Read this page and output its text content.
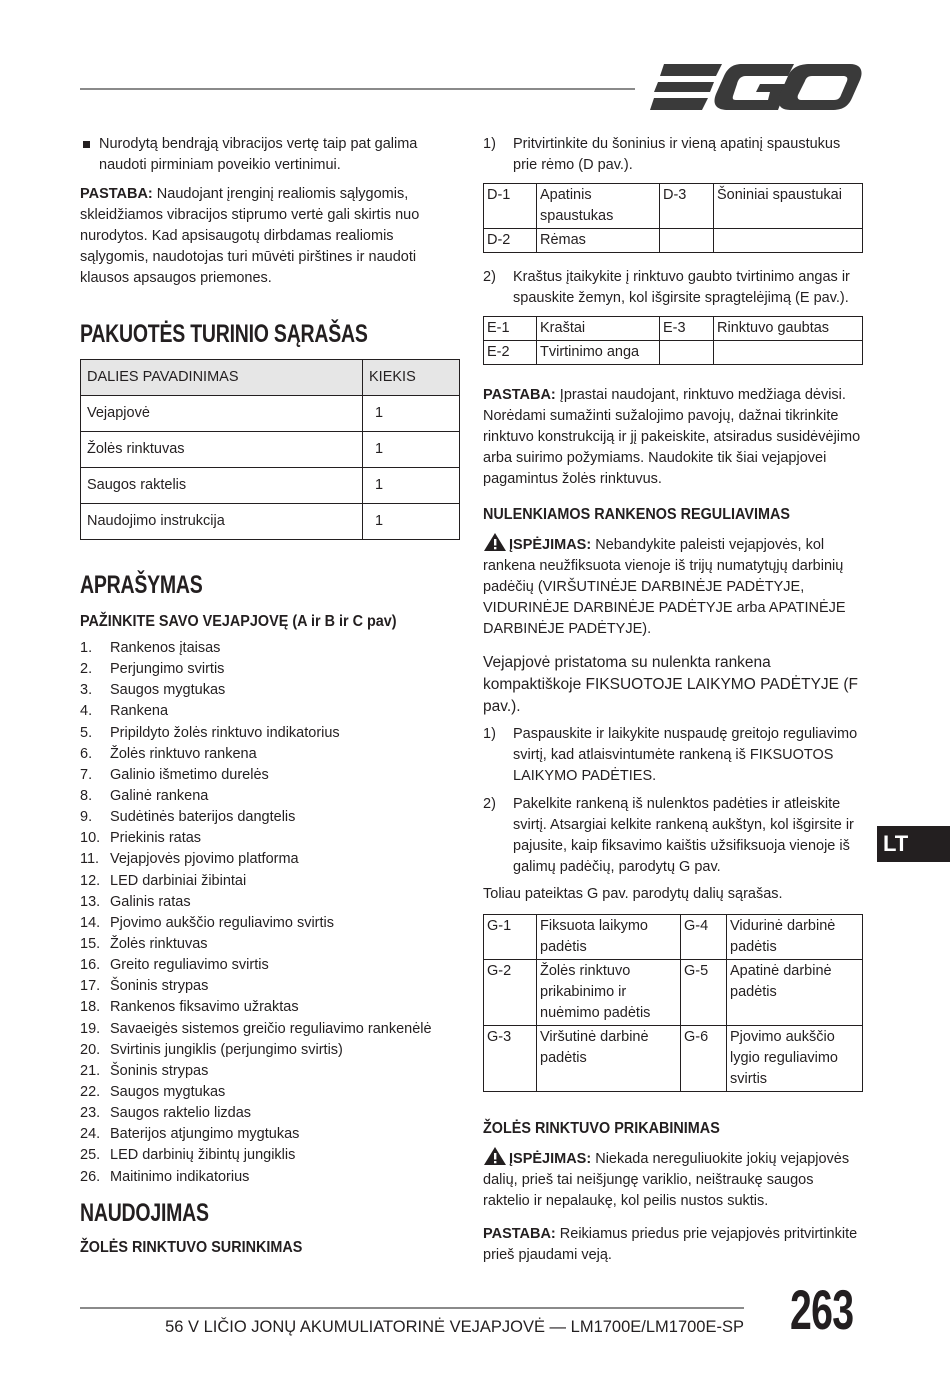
Nurodytą bendrąją vibracijos vertę taip pat galima naudoti pirminiam poveikio vertinimui.

PASTABA: Naudojant įrenginį realiomis sąlygomis, skleidžiamos vibracijos stiprumo vertė gali skirtis nuo nurodytos. Kad apsisaugotų dirbdamas realiomis sąlygomis, naudotojas turi mūvėti pirštines ir naudoti klausos apsaugos priemones.

PAKUOTĖS TURINIO SĄRAŠAS
DALIES PAVADINIMAS	KIEKIS
Vejapjovė	1
Žolės rinktuvas	1
Saugos raktelis	1
Naudojimo instrukcija	1
APRAŠYMAS
PAŽINKITE SAVO VEJAPJOVĘ (A ir B ir C pav)
1. Rankenos įtaisas
2. Perjungimo svirtis
3. Saugos mygtukas
4. Rankena
5. Pripildyto žolės rinktuvo indikatorius
6. Žolės rinktuvo rankena
7. Galinio išmetimo durelės
8. Galinė rankena
9. Sudėtinės baterijos dangtelis
10. Priekinis ratas
11. Vejapjovės pjovimo platforma
12. LED darbiniai žibintai
13. Galinis ratas
14. Pjovimo aukščio reguliavimo svirtis
15. Žolės rinktuvas
16. Greito reguliavimo svirtis
17. Šoninis strypas
18. Rankenos fiksavimo užraktas
19. Savaeigės sistemos greičio reguliavimo rankenėlė
20. Svirtinis jungiklis (perjungimo svirtis)
21. Šoninis strypas
22. Saugos mygtukas
23. Saugos raktelio lizdas
24. Baterijos atjungimo mygtukas
25. LED darbinių žibintų jungiklis
26. Maitinimo indikatorius
NAUDOJIMAS
ŽOLĖS RINKTUVO SURINKIMAS
1) Pritvirtinkite du šoninius ir vieną apatinį spaustukus prie rėmo (D pav.).
D-1	Apatinis spaustukas	D-3	Šoniniai spaustukai
D-2	Rėmas		
2) Kraštus įtaikykite į rinktuvo gaubto tvirtinimo angas ir spauskite žemyn, kol išgirsite spragtelėjimą (E pav.).
E-1	Kraštai	E-3	Rinktuvo gaubtas
E-2	Tvirtinimo anga		

PASTABA: Įprastai naudojant, rinktuvo medžiaga dėvisi. Norėdami sumažinti sužalojimo pavojų, dažnai tikrinkite rinktuvo konstrukciją ir jį pakeiskite, atsiradus susidėvėjimo arba suirimo požymiams. Naudokite tik šiai vejapjovei pagamintus žolės rinktuvus.

NULENKIAMOS RANKENOS REGULIAVIMAS

ĮSPĖJIMAS: Nebandykite paleisti vejapjovės, kol rankena neužfiksuota vienoje iš trijų numatytųjų darbinių padėčių (VIRŠUTINĖJE DARBINĖJE PADĖTYJE, VIDURINĖJE DARBINĖJE PADĖTYJE arba APATINĖJE DARBINĖJE PADĖTYJE).

Vejapjovė pristatoma su nulenkta rankena kompaktiškoje FIKSUOTOJE LAIKYMO PADĖTYJE (F pav.).

1) Paspauskite ir laikykite nuspaudę greitojo reguliavimo svirtį, kad atlaisvintumėte rankeną iš FIKSUOTOS LAIKYMO PADĖTIES.
2) Pakelkite rankeną iš nulenktos padėties ir atleiskite svirtį. Atsargiai kelkite rankeną aukštyn, kol išgirsite ir pajusite, kaip fiksavimo kaištis užsifiksuoja vienoje iš galimų padėčių, parodytų G pav.

Toliau pateiktas G pav. parodytų dalių sąrašas.

G-1	Fiksuota laikymo padėtis	G-4	Vidurinė darbinė padėtis
G-2	Žolės rinktuvo prikabinimo ir nuėmimo padėtis	G-5	Apatinė darbinė padėtis
G-3	Viršutinė darbinė padėtis	G-6	Pjovimo aukščio lygio reguliavimo svirtis
ŽOLĖS RINKTUVO PRIKABINIMAS

ĮSPĖJIMAS: Niekada nereguliuokite jokių vejapjovės dalių, prieš tai neišjungę variklio, neištraukę saugos raktelio ir nepalaukę, kol peilis nustos suktis.

PASTABA: Reikiamus priedus prie vejapjovės pritvirtinkite prieš pjaudami veją.

LT
56 V LIČIO JONŲ AKUMULIATORINĖ VEJAPJOVĖ — LM1700E/LM1700E-SP 263
